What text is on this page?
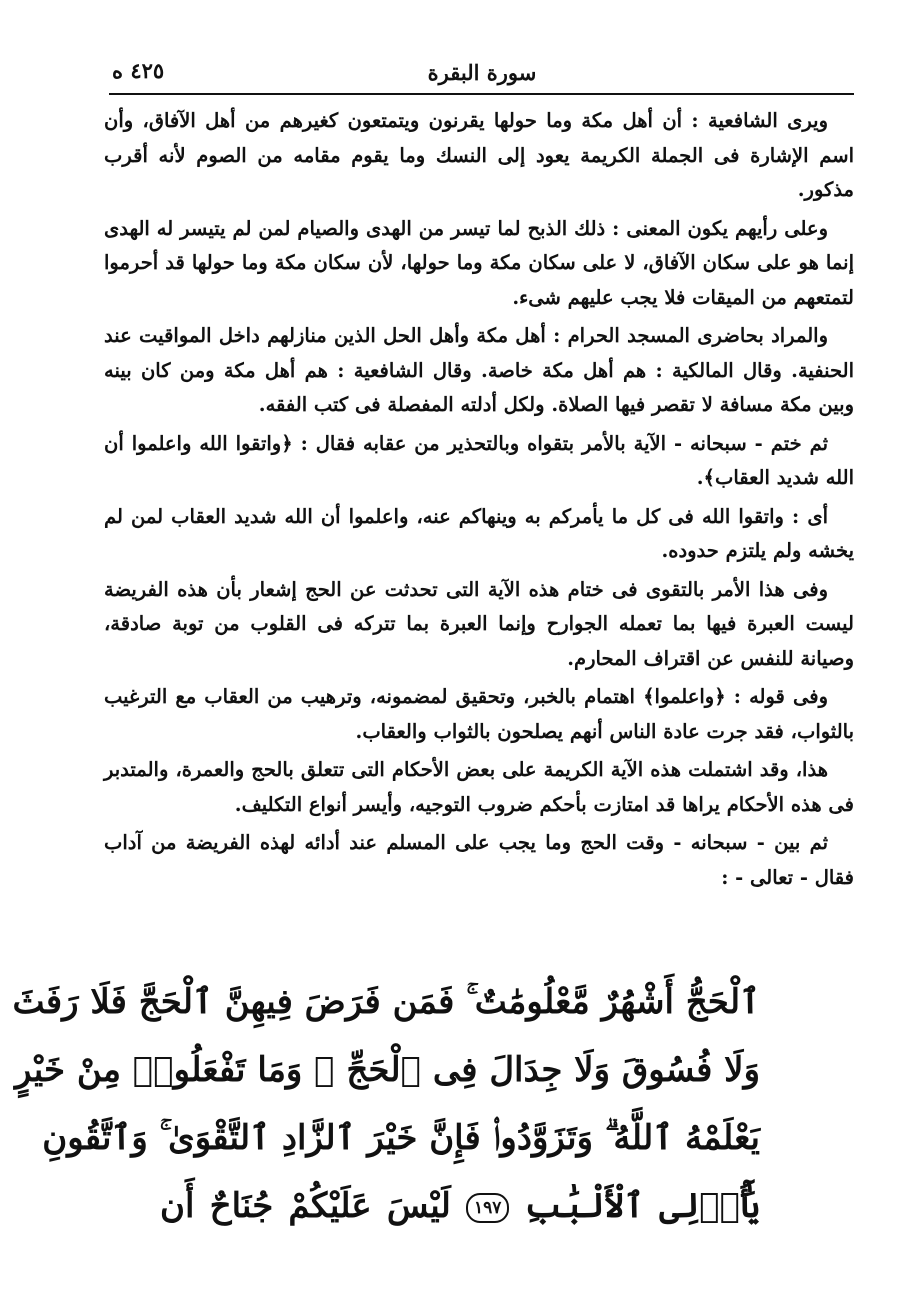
سورة البقرة
٤٢٥ ه

ويرى الشافعية : أن أهل مكة وما حولها يقرنون ويتمتعون كغيرهم من أهل الآفاق، وأن اسم الإشارة فى الجملة الكريمة يعود إلى النسك وما يقوم مقامه من الصوم لأنه أقرب مذكور.

وعلى رأيهم يكون المعنى : ذلك الذبح لما تيسر من الهدى والصيام لمن لم يتيسر له الهدى إنما هو على سكان الآفاق، لا على سكان مكة وما حولها، لأن سكان مكة وما حولها قد أحرموا لتمتعهم من الميقات فلا يجب عليهم شىء.

والمراد بحاضرى المسجد الحرام : أهل مكة وأهل الحل الذين منازلهم داخل المواقيت عند الحنفية. وقال المالكية : هم أهل مكة خاصة. وقال الشافعية : هم أهل مكة ومن كان بينه وبين مكة مسافة لا تقصر فيها الصلاة. ولكل أدلته المفصلة فى كتب الفقه.

ثم ختم - سبحانه - الآية بالأمر بتقواه وبالتحذير من عقابه فقال : ﴿واتقوا الله واعلموا أن الله شديد العقاب﴾.

أى : واتقوا الله فى كل ما يأمركم به وينهاكم عنه، واعلموا أن الله شديد العقاب لمن لم يخشه ولم يلتزم حدوده.

وفى هذا الأمر بالتقوى فى ختام هذه الآية التى تحدثت عن الحج إشعار بأن هذه الفريضة ليست العبرة فيها بما تعمله الجوارح وإنما العبرة بما تتركه فى القلوب من توبة صادقة، وصيانة للنفس عن اقتراف المحارم.

وفى قوله : ﴿واعلموا﴾ اهتمام بالخبر، وتحقيق لمضمونه، وترهيب من العقاب مع الترغيب بالثواب، فقد جرت عادة الناس أنهم يصلحون بالثواب والعقاب.

هذا، وقد اشتملت هذه الآية الكريمة على بعض الأحكام التى تتعلق بالحج والعمرة، والمتدبر فى هذه الأحكام يراها قد امتازت بأحكم ضروب التوجيه، وأيسر أنواع التكليف.

ثم بين - سبحانه - وقت الحج وما يجب على المسلم عند أدائه لهذه الفريضة من آداب فقال - تعالى - :

ٱلْحَجُّ أَشْهُرٌ مَّعْلُومَٰتٌ ۚ فَمَن فَرَضَ فِيهِنَّ ٱلْحَجَّ فَلَا رَفَثَ
وَلَا فُسُوقَ وَلَا جِدَالَ فِى ٱلْحَجِّ ۗ وَمَا تَفْعَلُوا۟ مِنْ خَيْرٍ
يَعْلَمْهُ ٱللَّهُ ۗ وَتَزَوَّدُوا۟ فَإِنَّ خَيْرَ ٱلزَّادِ ٱلتَّقْوَىٰ ۚ وَٱتَّقُونِ
يَٰٓأُو۟لِى ٱلْأَلْبَٰبِ ١٩٧ لَيْسَ عَلَيْكُمْ جُنَاحٌ أَن
